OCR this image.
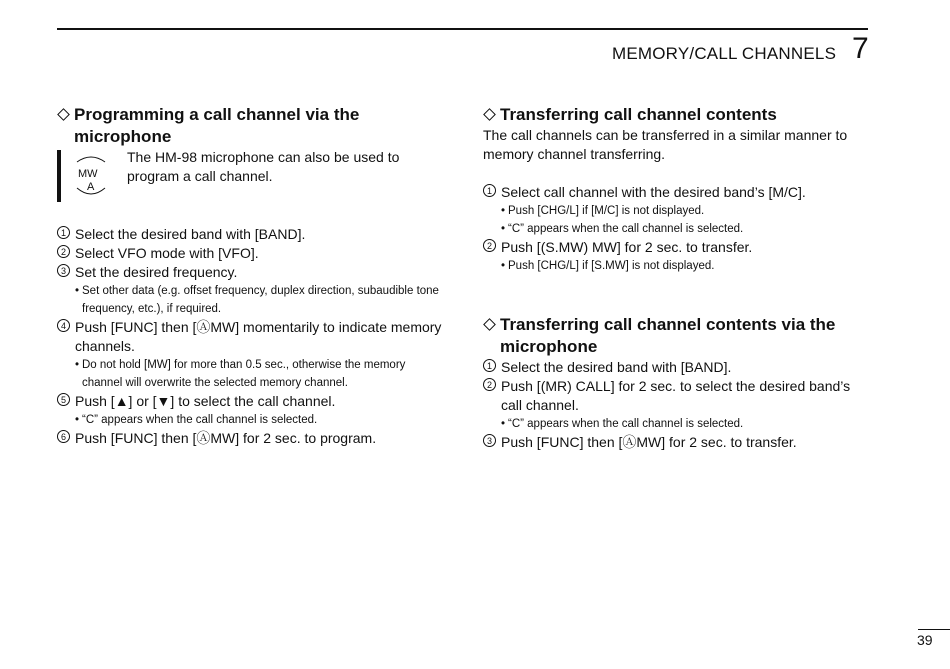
MEMORY/CALL CHANNELS 7
Programming a call channel via the microphone
MW
A

The HM-98 microphone can also be used to program a call channel.

1 Select the desired band with [BAND].
2 Select VFO mode with [VFO].
3 Set the desired frequency.
• Set other data (e.g. offset frequency, duplex direction, subaudible tone frequency, etc.), if required.
4 Push [FUNC] then [ⒶMW] momentarily to indicate memory channels.
• Do not hold [MW] for more than 0.5 sec., otherwise the memory channel will overwrite the selected memory channel.
5 Push [▲] or [▼] to select the call channel.
• “C” appears when the call channel is selected.
6 Push [FUNC] then [ⒶMW] for 2 sec. to program.
Transferring call channel contents

The call channels can be transferred in a similar manner to memory channel transferring.

1 Select call channel with the desired band’s [M/C].
• Push [CHG/L] if [M/C] is not displayed.
• “C” appears when the call channel is selected.
2 Push [(S.MW) MW] for 2 sec. to transfer.
• Push [CHG/L] if [S.MW] is not displayed.
Transferring call channel contents via the microphone
1 Select the desired band with [BAND].
2 Push [(MR) CALL] for 2 sec. to select the desired band’s call channel.
• “C” appears when the call channel is selected.
3 Push [FUNC] then [ⒶMW] for 2 sec. to transfer.
39
